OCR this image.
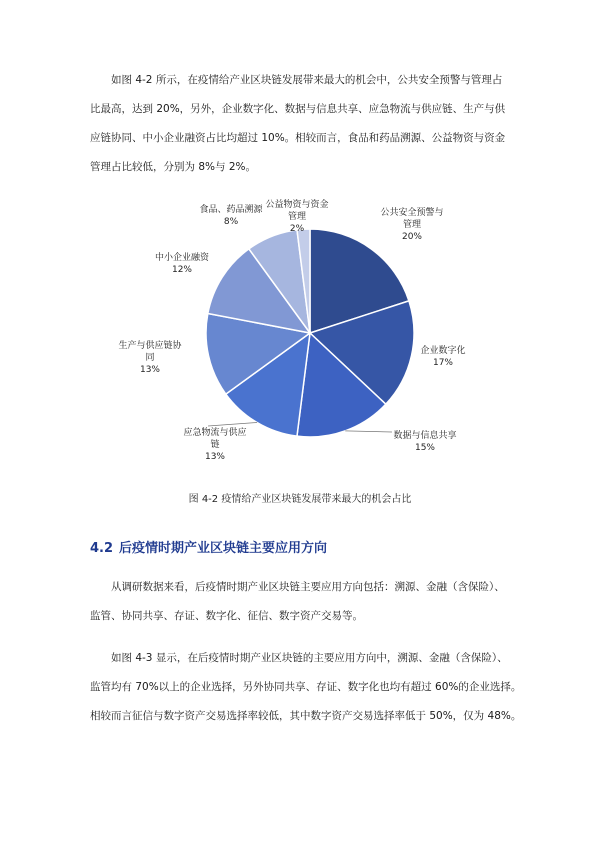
如图 4-2 所示，在疫情给产业区块链发展带来最大的机会中，公共安全预警与管理占
比最高，达到 20%，另外，企业数字化、数据与信息共享、应急物流与供应链、生产与供
应链协同、中小企业融资占比均超过 10%。相较而言，食品和药品溯源、公益物资与资金
管理占比较低，分别为 8%与 2%。
公共安全预警与管理 20%
企业数字化 17%
数据与信息共享 15%
应急物流与供应链 13%
生产与供应链协同 13%
中小企业融资 12%
食品、药品溯源 8%
公益物资与资金管理 2%
图 4-2 疫情给产业区块链发展带来最大的机会占比
4.2 后疫情时期产业区块链主要应用方向
从调研数据来看，后疫情时期产业区块链主要应用方向包括：溯源、金融（含保险）、
监管、协同共享、存证、数字化、征信、数字资产交易等。
如图 4-3 显示，在后疫情时期产业区块链的主要应用方向中，溯源、金融（含保险）、
监管均有 70%以上的企业选择，另外协同共享、存证、数字化也均有超过 60%的企业选择。
相较而言征信与数字资产交易选择率较低，其中数字资产交易选择率低于 50%，仅为 48%。
